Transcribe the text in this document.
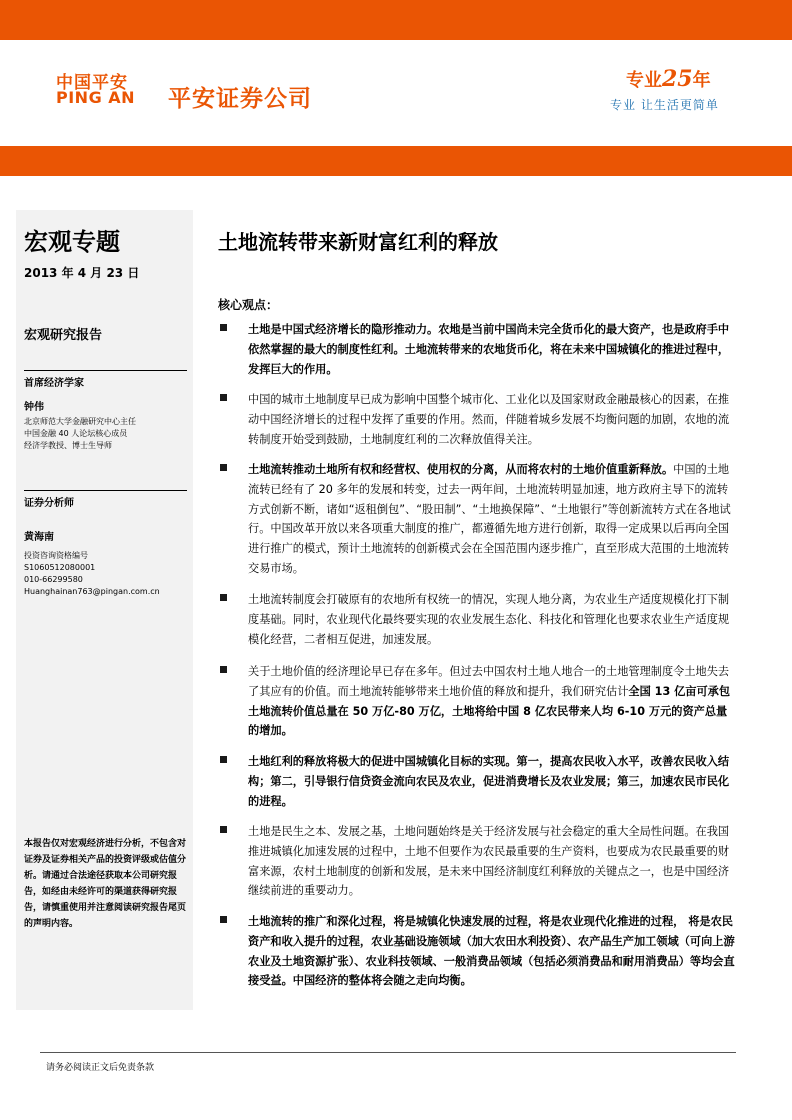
中国平安
PING AN 平安证券公司
专业25年
专业 让生活更简单
宏观专题
2013 年 4 月 23 日
宏观研究报告
首席经济学家
钟伟
北京师范大学金融研究中心主任
中国金融 40 人论坛核心成员
经济学教授、博士生导师
证券分析师
黄海南
投资咨询资格编号
S1060512080001
010-66299580
Huanghainan763@pingan.com.cn
本报告仅对宏观经济进行分析，不包含对证券及证券相关产品的投资评级或估值分析。请通过合法途径获取本公司研究报告，如经由未经许可的渠道获得研究报告，请慎重使用并注意阅读研究报告尾页的声明内容。
土地流转带来新财富红利的释放
核心观点：
土地是中国式经济增长的隐形推动力。农地是当前中国尚未完全货币化的最大资产，也是政府手中依然掌握的最大的制度性红利。土地流转带来的农地货币化，将在未来中国城镇化的推进过程中，发挥巨大的作用。
中国的城市土地制度早已成为影响中国整个城市化、工业化以及国家财政金融最核心的因素，在推动中国经济增长的过程中发挥了重要的作用。然而，伴随着城乡发展不均衡问题的加剧，农地的流转制度开始受到鼓励，土地制度红利的二次释放值得关注。
土地流转推动土地所有权和经营权、使用权的分离，从而将农村的土地价值重新释放。中国的土地流转已经有了 20 多年的发展和转变，过去一两年间，土地流转明显加速，地方政府主导下的流转方式创新不断，诸如“返租倒包”、“股田制”、“土地换保障”、“土地银行”等创新流转方式在各地试行。中国改革开放以来各项重大制度的推广，都遵循先地方进行创新，取得一定成果以后再向全国进行推广的模式，预计土地流转的创新模式会在全国范围内逐步推广，直至形成大范围的土地流转交易市场。
土地流转制度会打破原有的农地所有权统一的情况，实现人地分离，为农业生产适度规模化打下制度基础。同时，农业现代化最终要实现的农业发展生态化、科技化和管理化也要求农业生产适度规模化经营，二者相互促进，加速发展。
关于土地价值的经济理论早已存在多年。但过去中国农村土地人地合一的土地管理制度令土地失去了其应有的价值。而土地流转能够带来土地价值的释放和提升，我们研究估计全国 13 亿亩可承包土地流转价值总量在 50 万亿-80 万亿，土地将给中国 8 亿农民带来人均 6-10 万元的资产总量的增加。
土地红利的释放将极大的促进中国城镇化目标的实现。第一，提高农民收入水平，改善农民收入结构；第二，引导银行信贷资金流向农民及农业，促进消费增长及农业发展；第三，加速农民市民化的进程。
土地是民生之本、发展之基，土地问题始终是关于经济发展与社会稳定的重大全局性问题。在我国推进城镇化加速发展的过程中，土地不但要作为农民最重要的生产资料，也要成为农民最重要的财富来源，农村土地制度的创新和发展，是未来中国经济制度红利释放的关键点之一，也是中国经济继续前进的重要动力。
土地流转的推广和深化过程，将是城镇化快速发展的过程，将是农业现代化推进的过程， 将是农民资产和收入提升的过程，农业基础设施领域（加大农田水利投资）、农产品生产加工领域（可向上游农业及土地资源扩张）、农业科技领域、一般消费品领域（包括必须消费品和耐用消费品）等均会直接受益。中国经济的整体将会随之走向均衡。
请务必阅读正文后免责条款
